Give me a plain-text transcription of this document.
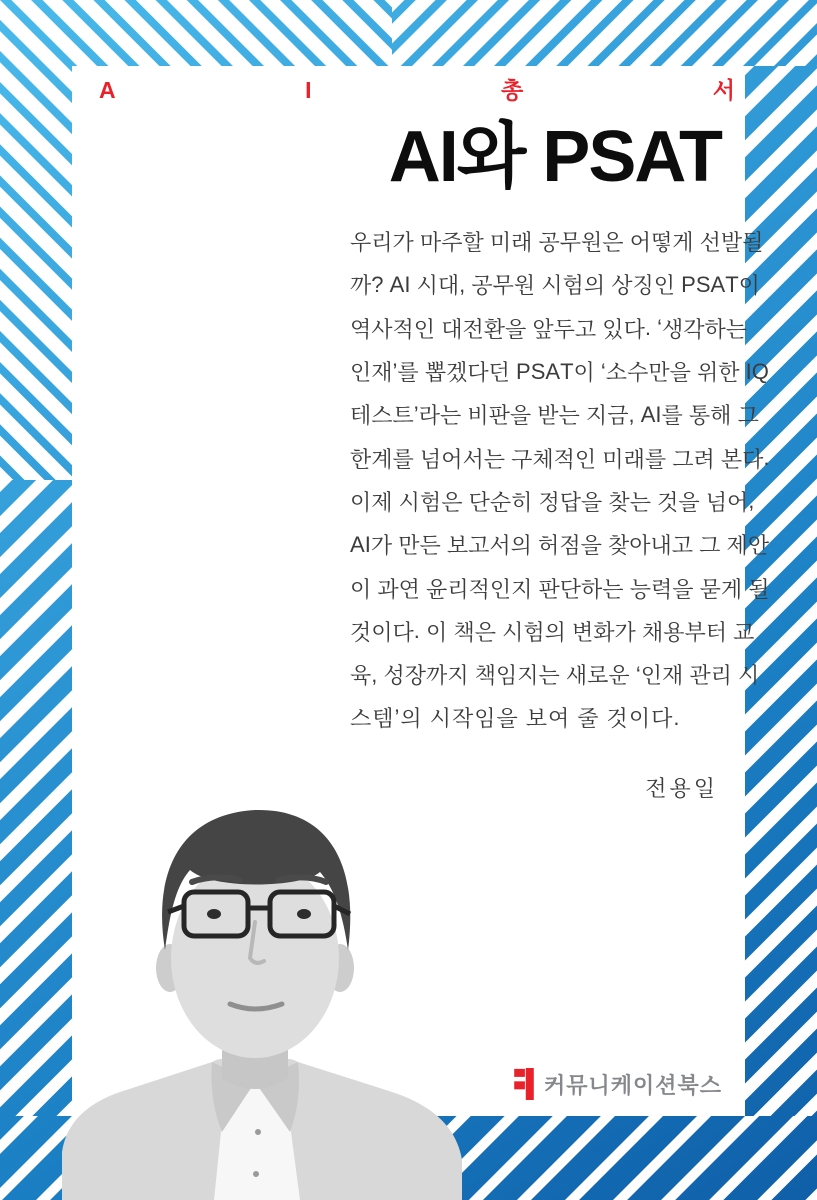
A	I	총	서
AI와 PSAT
우 리 가
마 주 할
미 래
공 무 원 은
어 떻 게
선 발 될
까 ?
A I
시 대 ,
공 무 원
시 험 의
상 징 인
P S A T 이
역 사 적 인
대 전 환 을
앞 두 고
있 다 .
‘ 생 각 하 는
인 재 ’ 를
뽑 겠 다 던
P S A T 이
‘ 소 수 만 을
위 한
I Q
테 스 트 ’ 라 는
비 판 을
받 는
지 금 ,
A I 를
통 해
그
한 계 를
넘 어 서 는
구 체 적 인
미 래 를
그 려
본 다 .
이 제
시 험 은
단 순 히
정 답 을
찾 는
것 을
넘 어 ,
A I 가
만 든
보 고 서 의
허 점 을
찾 아 내 고
그
제 안
이
과 연
윤 리 적 인 지
판 단 하 는
능 력 을
묻 게
될
것 이 다 .
이
책 은
시 험 의
변 화 가
채 용 부 터
교
육 ,
성 장 까 지
책 임 지 는
새 로 운
‘ 인 재
관 리
시
스 템 ’ 의
시 작 임 을
보 여
줄
것 이 다 .
전용일
커뮤니케이션북스
